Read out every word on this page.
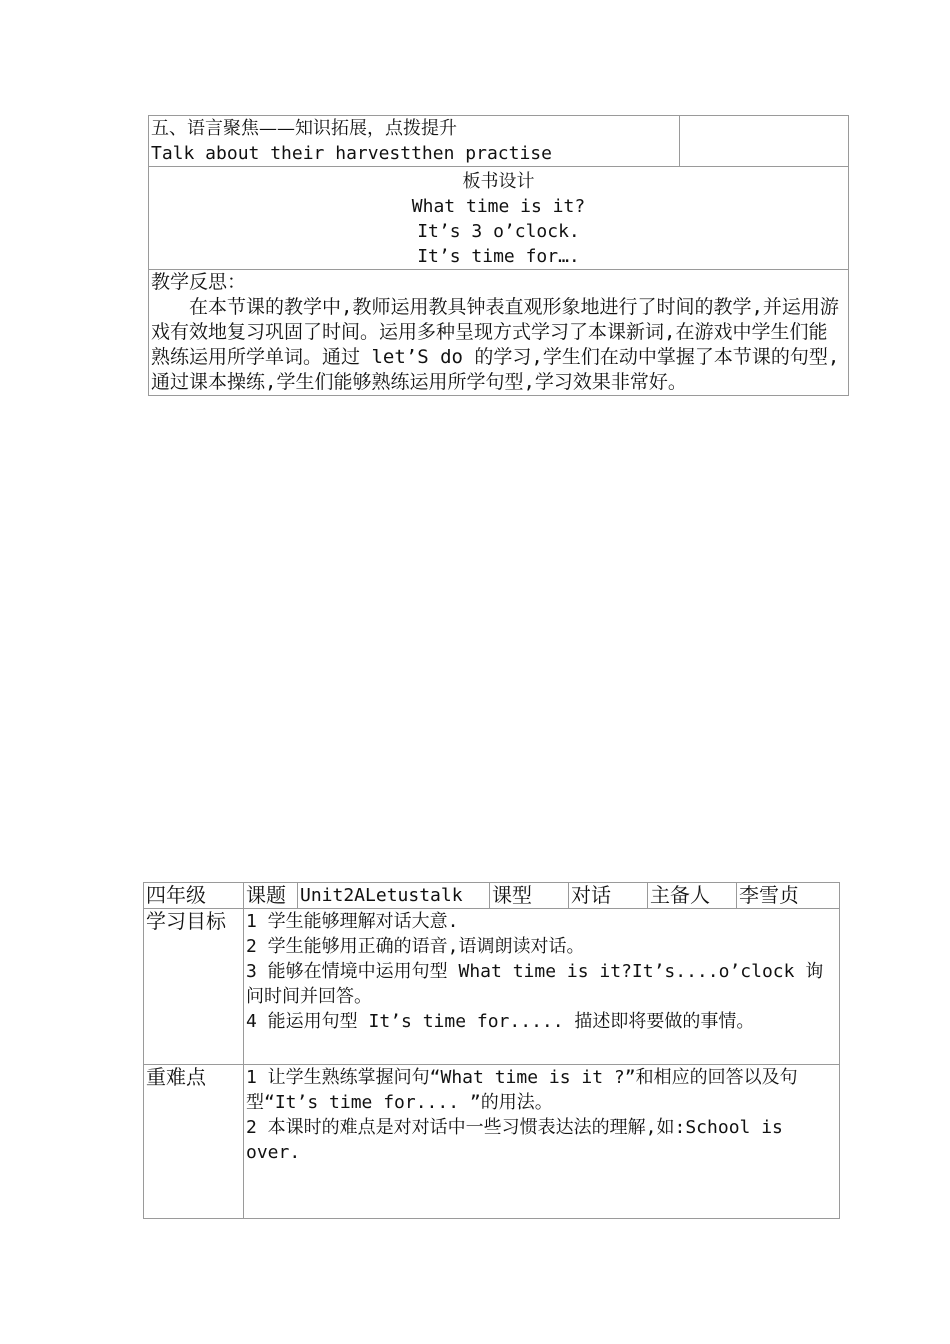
五、语言聚焦——知识拓展，点拨提升

Talk about their harvestthen practise

板书设计

What time is it?

It’s 3 o’clock.

It’s time for….

教学反思：

在本节课的教学中,教师运用教具钟表直观形象地进行了时间的教学,并运用游戏有效地复习巩固了时间。运用多种呈现方式学习了本课新词,在游戏中学生们能熟练运用所学单词。通过 let’S do 的学习,学生们在动中掌握了本节课的句型,通过课本操练,学生们能够熟练运用所学句型,学习效果非常好。

四年级	课题	Unit2ALetustalk	课型	对话	主备人	李雪贞
学习目标	1 学生能够理解对话大意.

2 学生能够用正确的语音,语调朗读对话。

3 能够在情境中运用句型 What time is it?It’s....o’clock 询问时间并回答。

4 能运用句型 It’s time for..... 描述即将要做的事情。					

重难点	1 让学生熟练掌握问句“What time is it ?”和相应的回答以及句型“It’s time for.... ”的用法。

2 本课时的难点是对对话中一些习惯表达法的理解,如:School is over.					
